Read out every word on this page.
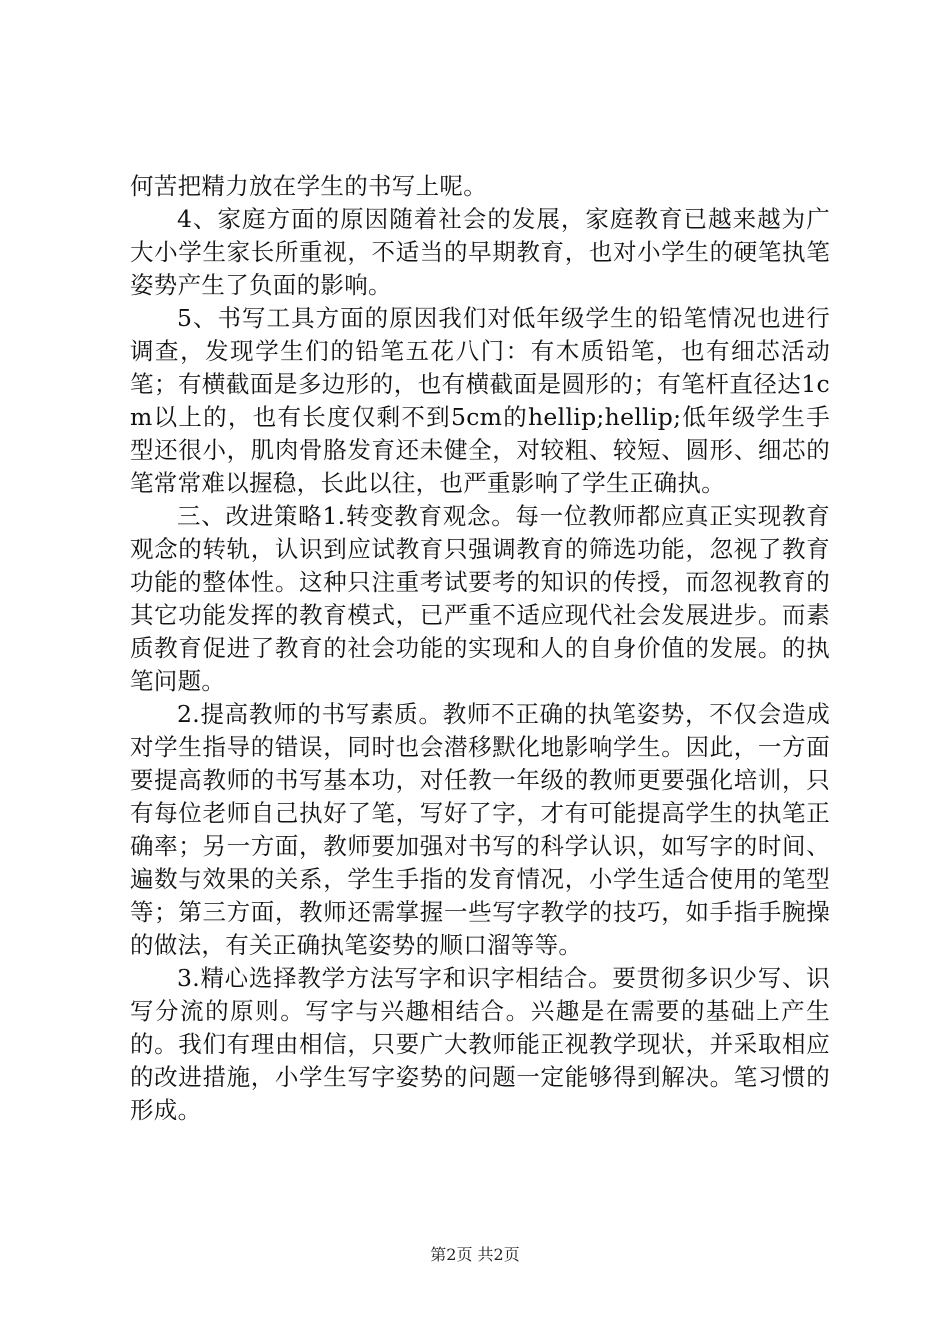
何苦把精力放在学生的书写上呢。

4、家庭方面的原因随着社会的发展，家庭教育已越来越为广大小学生家长所重视，不适当的早期教育，也对小学生的硬笔执笔姿势产生了负面的影响。

5、书写工具方面的原因我们对低年级学生的铅笔情况也进行调查，发现学生们的铅笔五花八门：有木质铅笔，也有细芯活动笔；有横截面是多边形的，也有横截面是圆形的；有笔杆直径达1cm以上的，也有长度仅剩不到5cm的hellip;hellip;低年级学生手型还很小，肌肉骨胳发育还未健全，对较粗、较短、圆形、细芯的笔常常难以握稳，长此以往，也严重影响了学生正确执。

三、改进策略1.转变教育观念。每一位教师都应真正实现教育观念的转轨，认识到应试教育只强调教育的筛选功能，忽视了教育功能的整体性。这种只注重考试要考的知识的传授，而忽视教育的其它功能发挥的教育模式，已严重不适应现代社会发展进步。而素质教育促进了教育的社会功能的实现和人的自身价值的发展。的执笔问题。

2.提高教师的书写素质。教师不正确的执笔姿势，不仅会造成对学生指导的错误，同时也会潜移默化地影响学生。因此，一方面要提高教师的书写基本功，对任教一年级的教师更要强化培训，只有每位老师自己执好了笔，写好了字，才有可能提高学生的执笔正确率；另一方面，教师要加强对书写的科学认识，如写字的时间、遍数与效果的关系，学生手指的发育情况，小学生适合使用的笔型等；第三方面，教师还需掌握一些写字教学的技巧，如手指手腕操的做法，有关正确执笔姿势的顺口溜等等。

3.精心选择教学方法写字和识字相结合。要贯彻多识少写、识写分流的原则。写字与兴趣相结合。兴趣是在需要的基础上产生的。我们有理由相信，只要广大教师能正视教学现状，并采取相应的改进措施，小学生写字姿势的问题一定能够得到解决。笔习惯的形成。

第2页 共2页
